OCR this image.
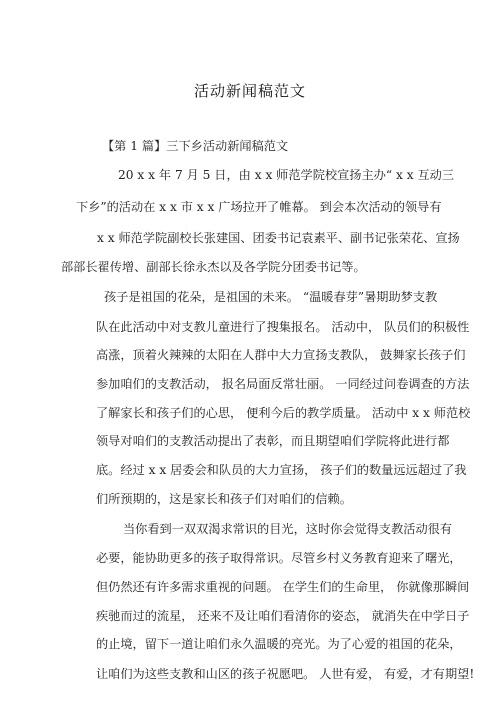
活动新闻稿范文
【第 1 篇】三下乡活动新闻稿范文
20 x x 年 7 月 5 日，由 x x 师范学院校宣扬主办“ x x 互动三
下乡”的活动在 x x 市 x x 广场拉开了帷幕。 到会本次活动的领导有
x x 师范学院副校长张建国、团委书记袁素平、副书记张荣花、宣扬
部部长翟传增、副部长徐永杰以及各学院分团委书记等。
孩子是祖国的花朵，是祖国的未来。 “温暖春芽”暑期助梦支教
队在此活动中对支教儿童进行了搜集报名。 活动中， 队员们的积极性
高涨，顶着火辣辣的太阳在人群中大力宣扬支教队， 鼓舞家长孩子们
参加咱们的支教活动， 报名局面反常壮丽。 一同经过问卷调查的方法
了解家长和孩子们的心思， 便利今后的教学质量。 活动中 x x 师范校
领导对咱们的支教活动提出了表彰，而且期望咱们学院将此进行都
底。经过 x x 居委会和队员的大力宣扬， 孩子们的数量远远超过了我
们所预期的，这是家长和孩子们对咱们的信赖。
当你看到一双双渴求常识的目光，这时你会觉得支教活动很有
必要，能协助更多的孩子取得常识。尽管乡村义务教育迎来了曙光，
但仍然还有许多需求重视的问题。 在学生们的生命里， 你就像那瞬间
疾驰而过的流星， 还来不及让咱们看清你的姿态， 就消失在中学日子
的止境，留下一道让咱们永久温暖的亮光。为了心爱的祖国的花朵，
让咱们为这些支教和山区的孩子祝愿吧。 人世有爱， 有爱，才有期望!
